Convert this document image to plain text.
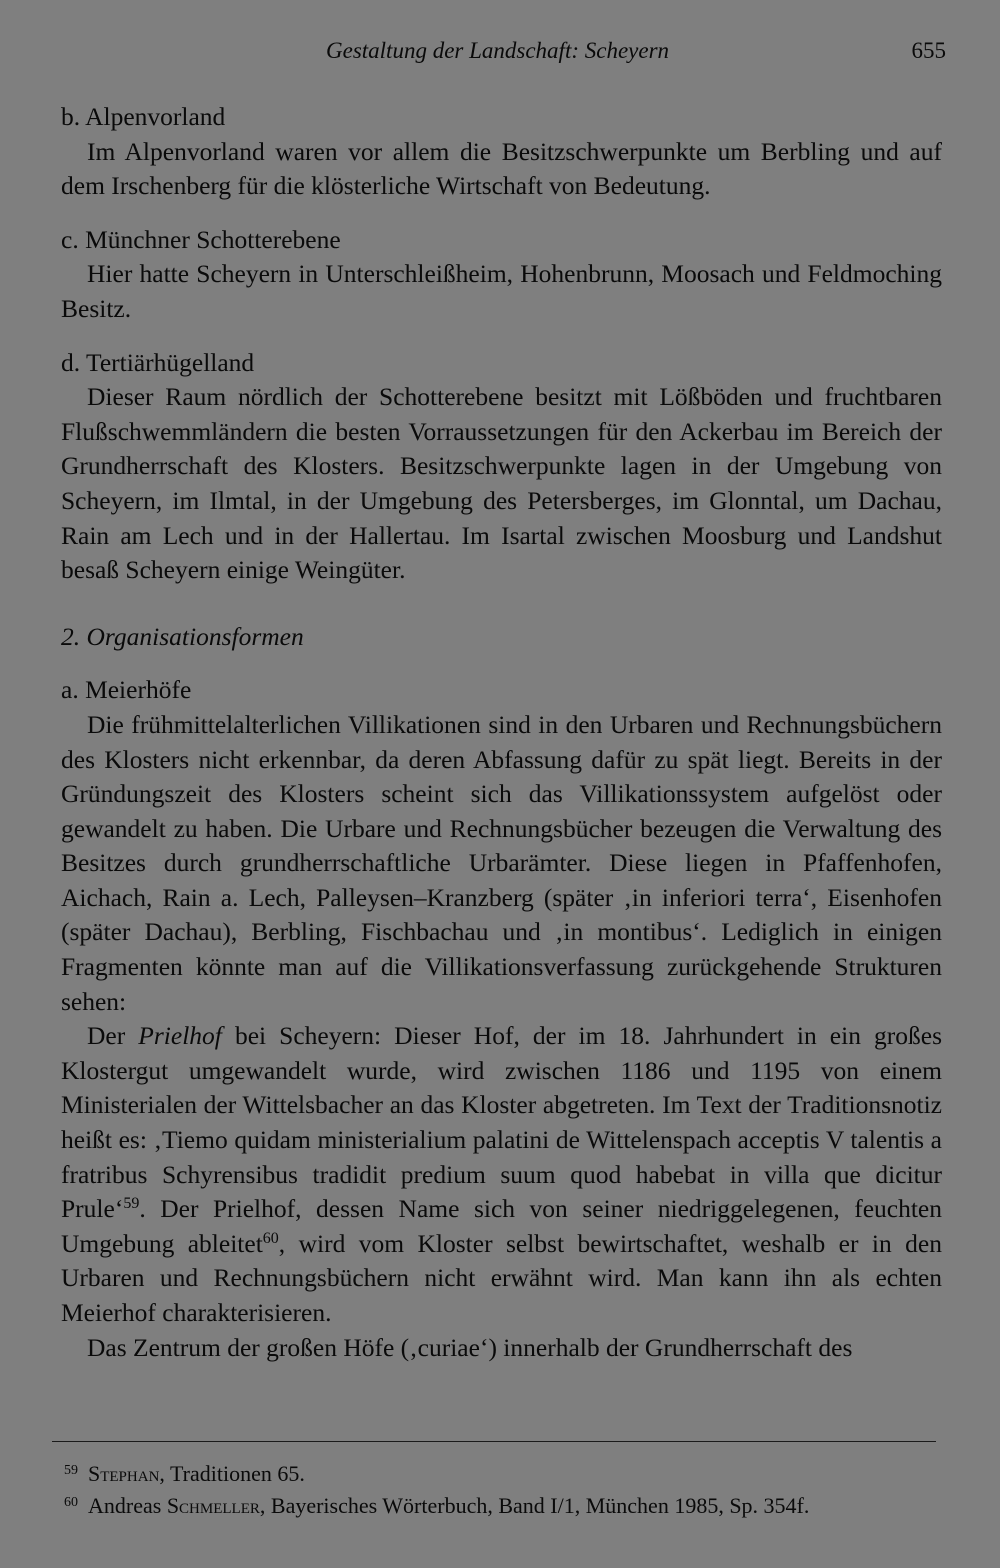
Gestaltung der Landschaft: Scheyern	655

b. Alpenvorland

Im Alpenvorland waren vor allem die Besitzschwerpunkte um Berbling und auf dem Irschenberg für die klösterliche Wirtschaft von Bedeutung.

c. Münchner Schotterebene

Hier hatte Scheyern in Unterschleißheim, Hohenbrunn, Moosach und Feldmoching Besitz.

d. Tertiärhügelland

Dieser Raum nördlich der Schotterebene besitzt mit Lößböden und fruchtbaren Flußschwemmländern die besten Vorraussetzungen für den Ackerbau im Bereich der Grundherrschaft des Klosters. Besitzschwerpunkte lagen in der Umgebung von Scheyern, im Ilmtal, in der Umgebung des Petersberges, im Glonntal, um Dachau, Rain am Lech und in der Hallertau. Im Isartal zwischen Moosburg und Landshut besaß Scheyern einige Weingüter.

2. Organisationsformen

a. Meierhöfe

Die frühmittelalterlichen Villikationen sind in den Urbaren und Rechnungsbüchern des Klosters nicht erkennbar, da deren Abfassung dafür zu spät liegt. Bereits in der Gründungszeit des Klosters scheint sich das Villikationssystem aufgelöst oder gewandelt zu haben. Die Urbare und Rechnungsbücher bezeugen die Verwaltung des Besitzes durch grundherrschaftliche Urbarämter. Diese liegen in Pfaffenhofen, Aichach, Rain a. Lech, Palleysen–Kranzberg (später ‚in inferiori terra‘, Eisenhofen (später Dachau), Berbling, Fischbachau und ‚in montibus‘. Lediglich in einigen Fragmenten könnte man auf die Villikationsverfassung zurückgehende Strukturen sehen:

Der Prielhof bei Scheyern: Dieser Hof, der im 18. Jahrhundert in ein großes Klostergut umgewandelt wurde, wird zwischen 1186 und 1195 von einem Ministerialen der Wittelsbacher an das Kloster abgetreten. Im Text der Traditionsnotiz heißt es: ‚Tiemo quidam ministerialium palatini de Wittelenspach acceptis V talentis a fratribus Schyrensibus tradidit predium suum quod habebat in villa que dicitur Prule‘$^{59}$. Der Prielhof, dessen Name sich von seiner niedriggelegenen, feuchten Umgebung ableitet$^{60}$, wird vom Kloster selbst bewirtschaftet, weshalb er in den Urbaren und Rechnungsbüchern nicht erwähnt wird. Man kann ihn als echten Meierhof charakterisieren.

Das Zentrum der großen Höfe (‚curiae‘) innerhalb der Grundherrschaft des

$^{59}$ Stephan, Traditionen 65.

$^{60}$ Andreas Schmeller, Bayerisches Wörterbuch, Band I/1, München 1985, Sp. 354f.
